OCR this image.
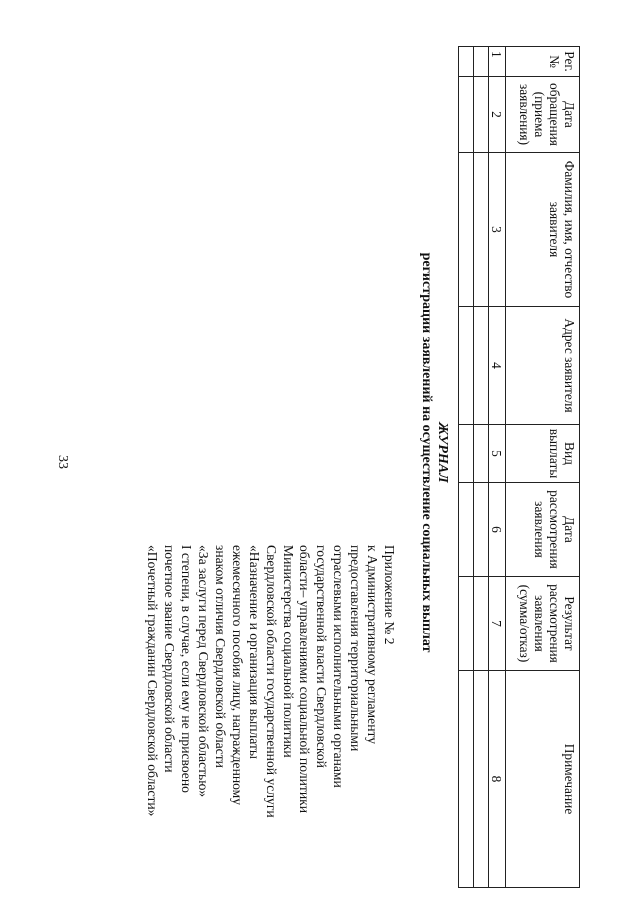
33

Приложение № 2
к Административному регламенту
предоставления территориальными
отраслевыми исполнительными органами
государственной власти Свердловской
области– управлениями социальной политики
Министерства социальной политики
Свердловской области государственной услуги
«Назначение и организация выплаты
ежемесячного пособия лицу, награжденному
знаком отличия Свердловской области
«За заслуги перед Свердловской областью»
I степени, в случае, если ему не присвоено
почетное звание Свердловской области
«Почетный гражданин Свердловской области»
ЖУРНАЛ
регистрации заявлений на осуществление социальных выплат
Рег. №	Дата обращения (приема заявления)	Фамилия, имя, отчество заявителя	Адрес заявителя	Вид выплаты	Дата рассмотрения заявления	Результат рассмотрения заявления (сумма/отказ)	Примечание
1	2	3	4	5	6	7	8
